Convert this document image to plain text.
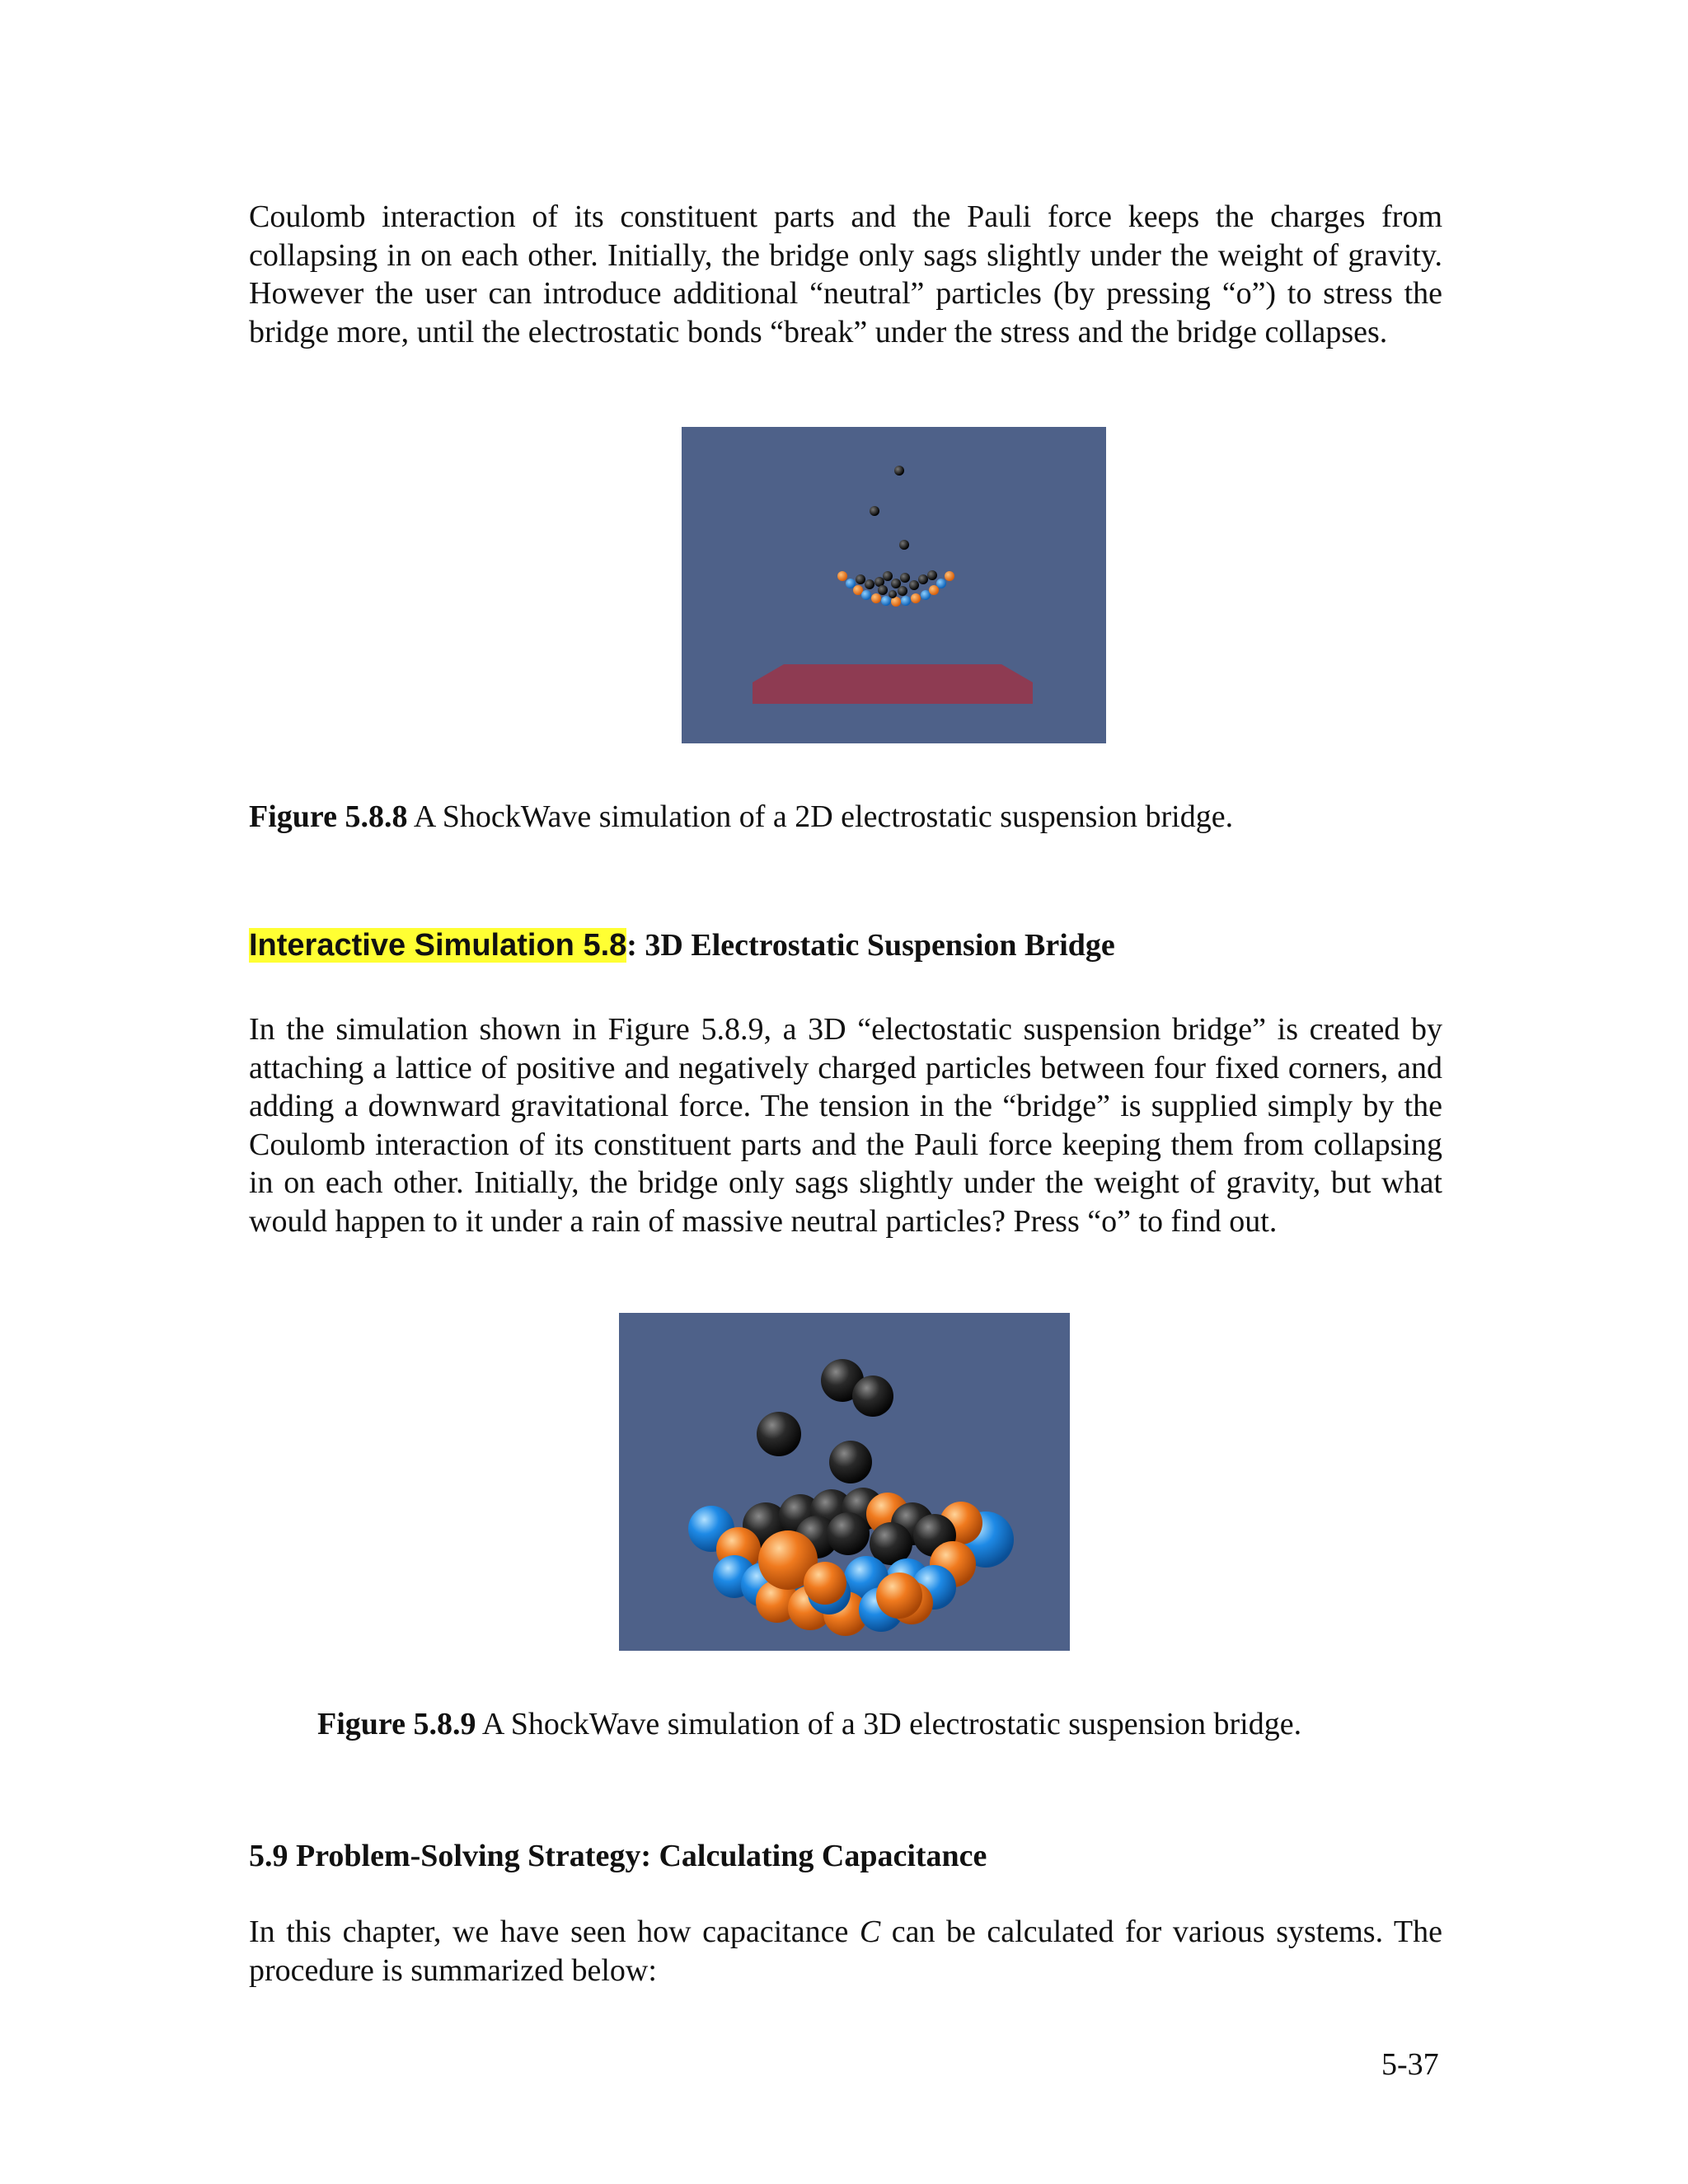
Coulomb interaction of its constituent parts and the Pauli force keeps the charges from collapsing in on each other. Initially, the bridge only sags slightly under the weight of gravity. However the user can introduce additional “neutral” particles (by pressing “o”) to stress the bridge more, until the electrostatic bonds “break” under the stress and the bridge collapses.

Figure 5.8.8 A ShockWave simulation of a 2D electrostatic suspension bridge.

Interactive Simulation 5.8: 3D Electrostatic Suspension Bridge

In the simulation shown in Figure 5.8.9, a 3D “electostatic suspension bridge” is created by attaching a lattice of positive and negatively charged particles between four fixed corners, and adding a downward gravitational force. The tension in the “bridge” is supplied simply by the Coulomb interaction of its constituent parts and the Pauli force keeping them from collapsing in on each other. Initially, the bridge only sags slightly under the weight of gravity, but what would happen to it under a rain of massive neutral particles? Press “o” to find out.

Figure 5.8.9 A ShockWave simulation of a 3D electrostatic suspension bridge.

5.9 Problem-Solving Strategy: Calculating Capacitance

In this chapter, we have seen how capacitance C can be calculated for various systems. The procedure is summarized below:

5-37
